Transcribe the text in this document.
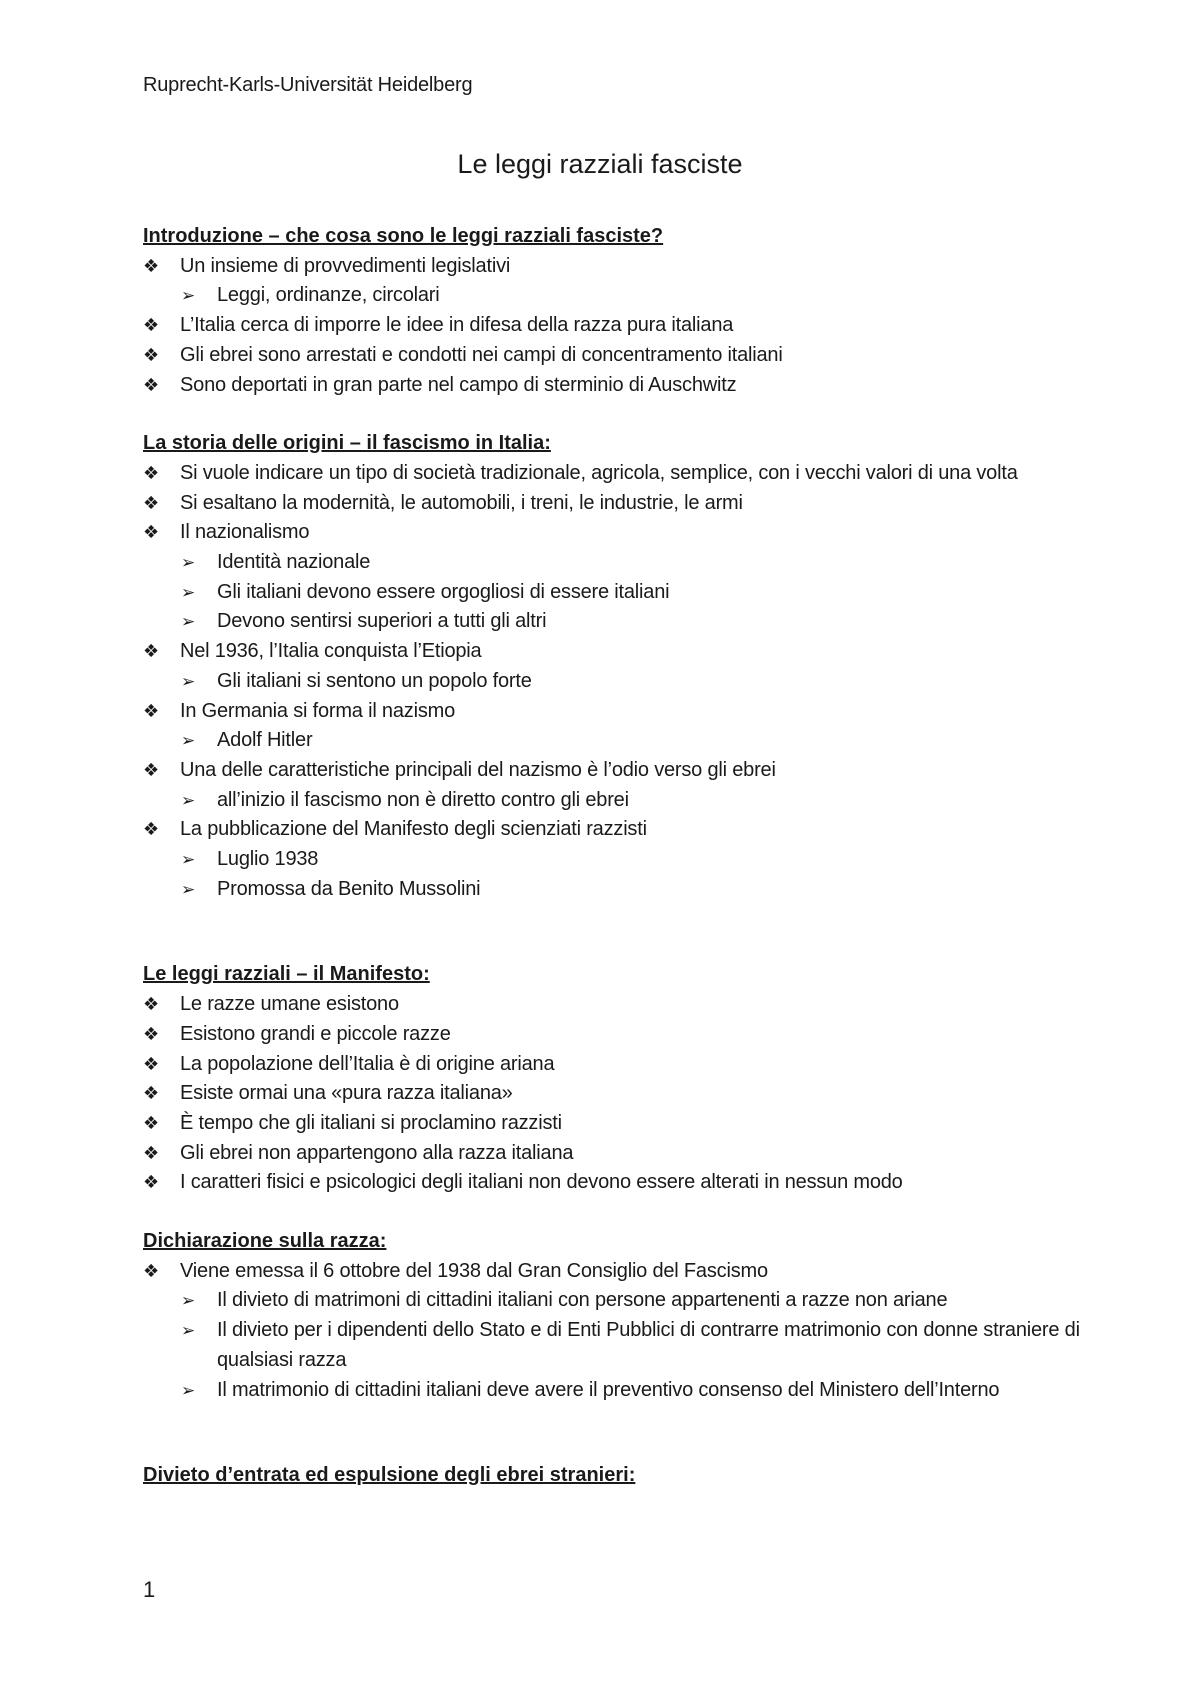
Ruprecht-Karls-Universität Heidelberg
Le leggi razziali fasciste
Introduzione – che cosa sono le leggi razziali fasciste?
❖ Un insieme di provvedimenti legislativi
➢ Leggi, ordinanze, circolari
❖ L’Italia cerca di imporre le idee in difesa della razza pura italiana
❖ Gli ebrei sono arrestati e condotti nei campi di concentramento italiani
❖ Sono deportati in gran parte nel campo di sterminio di Auschwitz
La storia delle origini – il fascismo in Italia:
❖ Si vuole indicare un tipo di società tradizionale, agricola, semplice, con i vecchi valori di una volta
❖ Si esaltano la modernità, le automobili, i treni, le industrie, le armi
❖ Il nazionalismo
➢ Identità nazionale
➢ Gli italiani devono essere orgogliosi di essere italiani
➢ Devono sentirsi superiori a tutti gli altri
❖ Nel 1936, l’Italia conquista l’Etiopia
➢ Gli italiani si sentono un popolo forte
❖ In Germania si forma il nazismo
➢ Adolf Hitler
❖ Una delle caratteristiche principali del nazismo è l’odio verso gli ebrei
➢ all’inizio il fascismo non è diretto contro gli ebrei
❖ La pubblicazione del Manifesto degli scienziati razzisti
➢ Luglio 1938
➢ Promossa da Benito Mussolini
Le leggi razziali – il Manifesto:
❖ Le razze umane esistono
❖ Esistono grandi e piccole razze
❖ La popolazione dell’Italia è di origine ariana
❖ Esiste ormai una «pura razza italiana»
❖ È tempo che gli italiani si proclamino razzisti
❖ Gli ebrei non appartengono alla razza italiana
❖ I caratteri fisici e psicologici degli italiani non devono essere alterati in nessun modo
Dichiarazione sulla razza:
❖ Viene emessa il 6 ottobre del 1938 dal Gran Consiglio del Fascismo
➢ Il divieto di matrimoni di cittadini italiani con persone appartenenti a razze non ariane
➢ Il divieto per i dipendenti dello Stato e di Enti Pubblici di contrarre matrimonio con donne straniere di qualsiasi razza
➢ Il matrimonio di cittadini italiani deve avere il preventivo consenso del Ministero dell’Interno
Divieto d’entrata ed espulsione degli ebrei stranieri:
1
